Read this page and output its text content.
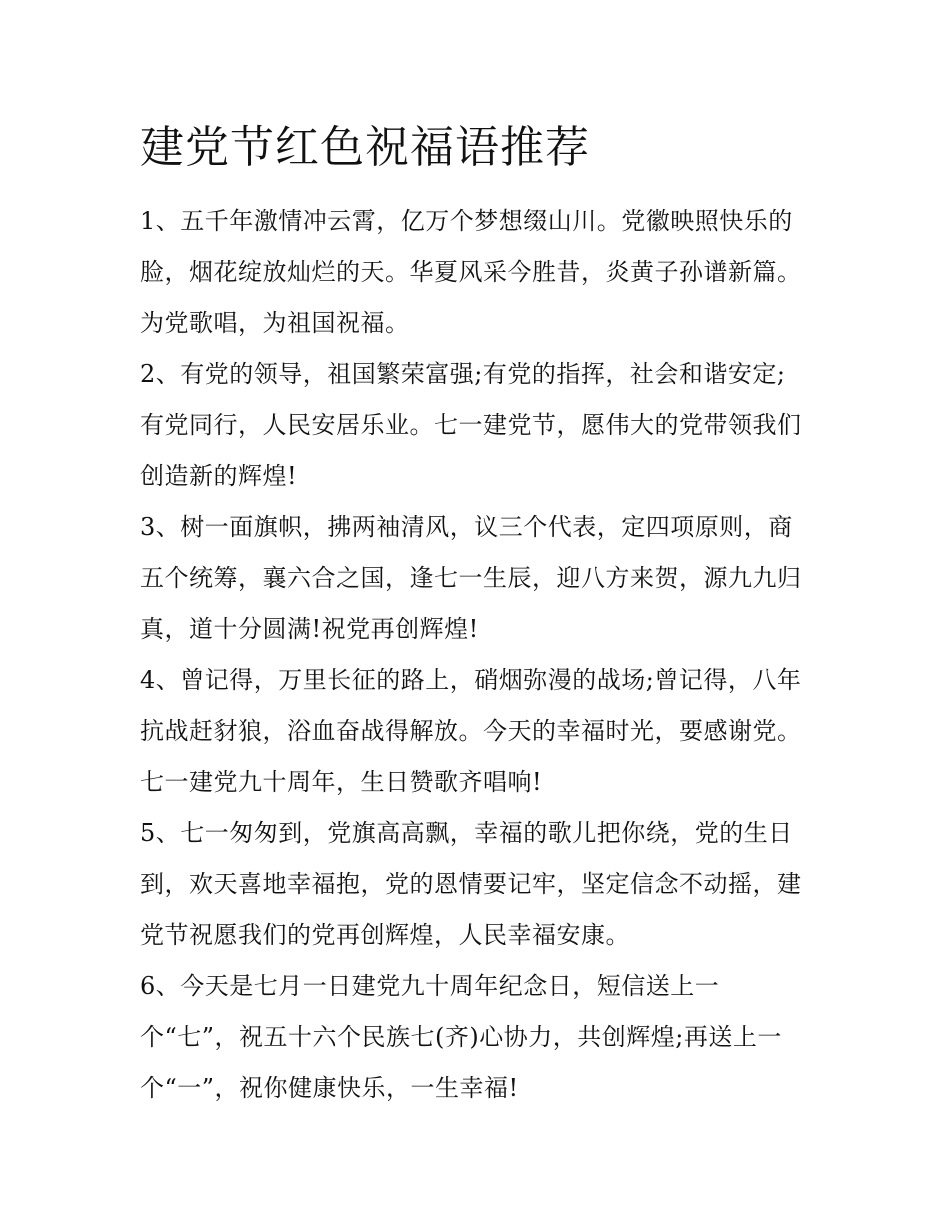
建党节红色祝福语推荐
1、五千年激情冲云霄，亿万个梦想缀山川。党徽映照快乐的
脸，烟花绽放灿烂的天。华夏风采今胜昔，炎黄子孙谱新篇。
为党歌唱，为祖国祝福。
2、有党的领导，祖国繁荣富强;有党的指挥，社会和谐安定;
有党同行，人民安居乐业。七一建党节，愿伟大的党带领我们
创造新的辉煌!
3、树一面旗帜，拂两袖清风，议三个代表，定四项原则，商
五个统筹，襄六合之国，逢七一生辰，迎八方来贺，源九九归
真，道十分圆满!祝党再创辉煌!
4、曾记得，万里长征的路上，硝烟弥漫的战场;曾记得，八年
抗战赶豺狼，浴血奋战得解放。今天的幸福时光，要感谢党。
七一建党九十周年，生日赞歌齐唱响!
5、七一匆匆到，党旗高高飘，幸福的歌儿把你绕，党的生日
到，欢天喜地幸福抱，党的恩情要记牢，坚定信念不动摇，建
党节祝愿我们的党再创辉煌，人民幸福安康。
6、今天是七月一日建党九十周年纪念日，短信送上一
个“七”，祝五十六个民族七(齐)心协力，共创辉煌;再送上一
个“一”，祝你健康快乐，一生幸福!
